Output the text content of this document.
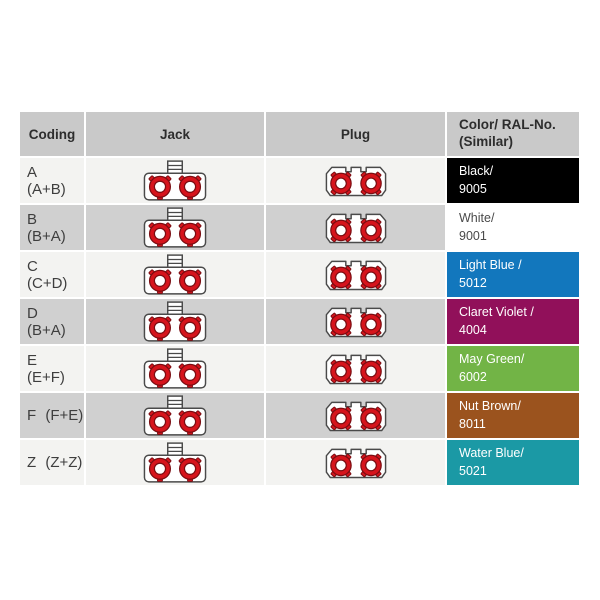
Coding	Jack	Plug
Color/ RAL-No. (Similar)
A (A+B)
Black/
9005
B (B+A)
White/
9001
C (C+D)
Light Blue /
5012
D (B+A)
Claret Violet /
4004
E (E+F)
May Green/
6002
F (F+E)
Nut Brown/
8011
Z (Z+Z)
Water Blue/
5021
